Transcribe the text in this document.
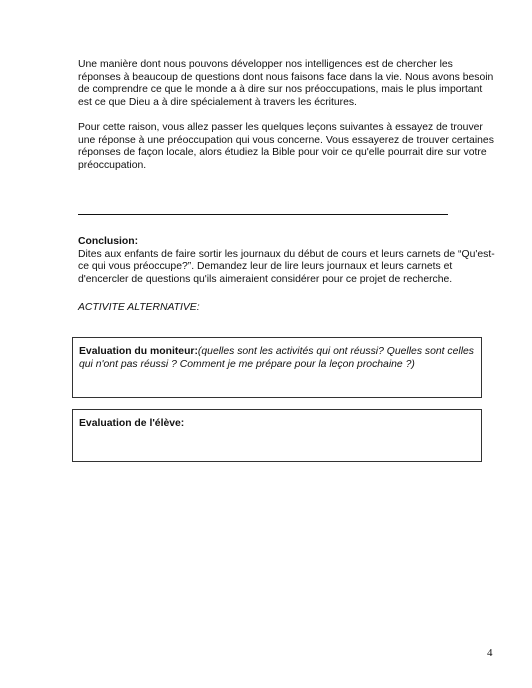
Une manière dont nous pouvons développer nos intelligences est de chercher les réponses à beaucoup de questions dont nous faisons face dans la vie. Nous avons besoin de comprendre ce que le monde a à dire sur nos préoccupations, mais le plus important est ce que Dieu a à dire spécialement à travers les écritures.

Pour cette raison, vous allez passer les quelques leçons suivantes à essayez de trouver une réponse à une préoccupation qui vous concerne. Vous essayerez de trouver certaines réponses de façon locale, alors étudiez la Bible pour voir ce qu'elle pourrait dire sur votre préoccupation.

Conclusion:
Dites aux enfants de faire sortir les journaux du début de cours et leurs carnets de “Qu'est-ce qui vous préoccupe?”. Demandez leur de lire leurs journaux et leurs carnets et d'encercler de questions qu'ils aimeraient considérer pour ce projet de recherche.

ACTIVITE ALTERNATIVE:

Evaluation du moniteur:(quelles sont les activités qui ont réussi? Quelles sont celles qui n'ont pas réussi ? Comment je me prépare pour la leçon prochaine ?)
Evaluation de l'élève:
4
